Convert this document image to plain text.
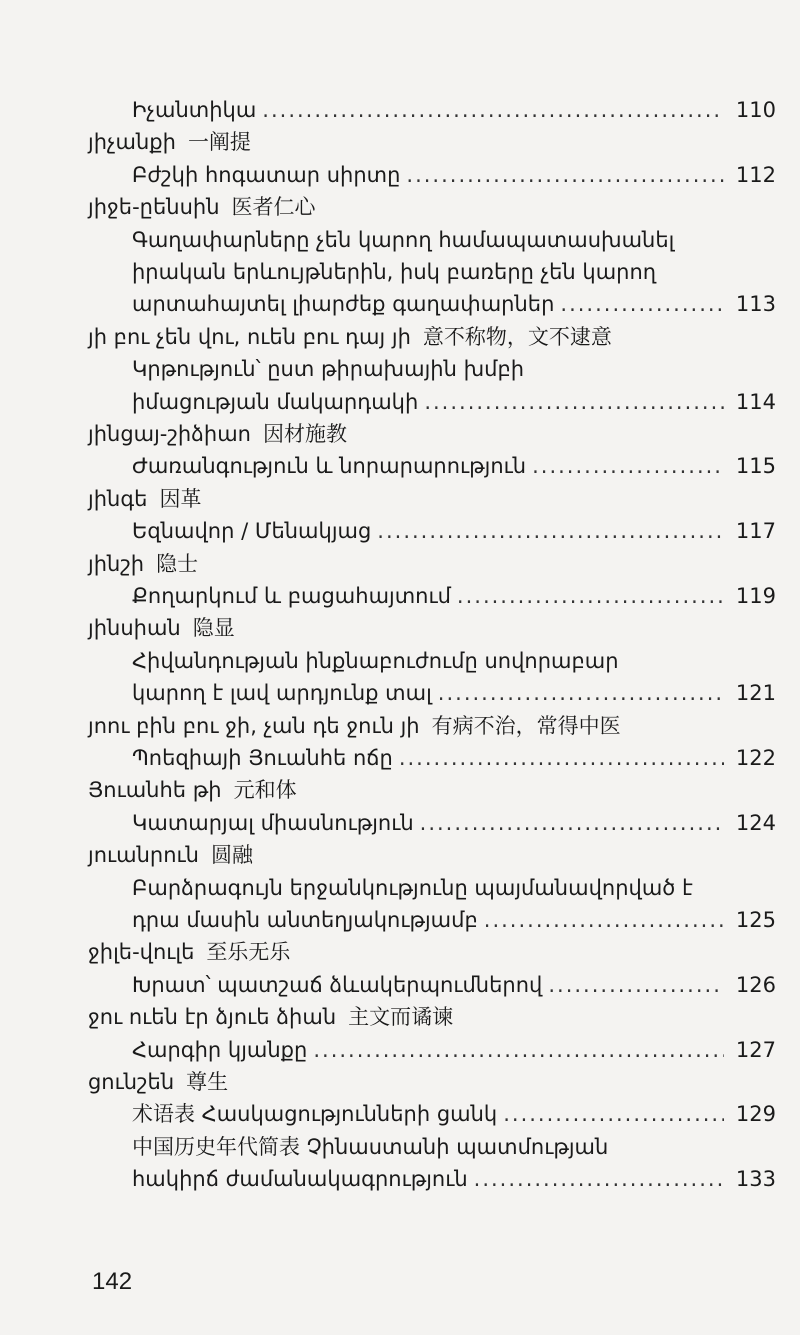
Իչանտիկա .....	110
յիչանքի 一阐提
Բժշկի հոգատար սիրտը .....	112
յիջե-ըենսին 医者仁心
Գաղափարները չեն կարող համապատասխանել
իրական երևույթներին, իսկ բառերը չեն կարող
արտահայտել լիարժեք գաղափարներ .....	113
յի բու չեն վու, ուեն բու դայ յի 意不称物，文不逮意
Կրթություն՝ ըստ թիրախային խմբի
իմացության մակարդակի .....	114
յինցայ-շիձիաո 因材施教
Ժառանգություն և նորարարություն .....	115
յինգե 因革
Եզնավոր / Մենակյաց .....	117
յինշի 隐士
Քողարկում և բացահայտում .....	119
յինսիան 隐显
Հիվանդության ինքնաբուժումը սովորաբար
կարող է լավ արդյունք տալ .....	121
յոու բին բու ջի, չան դե ջուն յի 有病不治，常得中医
Պոեզիայի Յուանհե ոճը .....	122
Յուանհե թի 元和体
Կատարյալ միասնություն .....	124
յուանրուն 圆融
Բարձրագույն երջանկությունը պայմանավորված է
դրա մասին անտեղյակությամբ .....	125
ջիլե-վուլե 至乐无乐
Խրատ՝ պատշաճ ձևակերպումներով .....	126
ջու ուեն էր ձյուե ձիան 主文而谲谏
Հարգիր կյանքը .....	127
ցունշեն 尊生
术语表 Հասկացությունների ցանկ .....	129
中国历史年代简表 Չինաստանի պատմության
հակիրճ ժամանակագրություն .....	133
142
